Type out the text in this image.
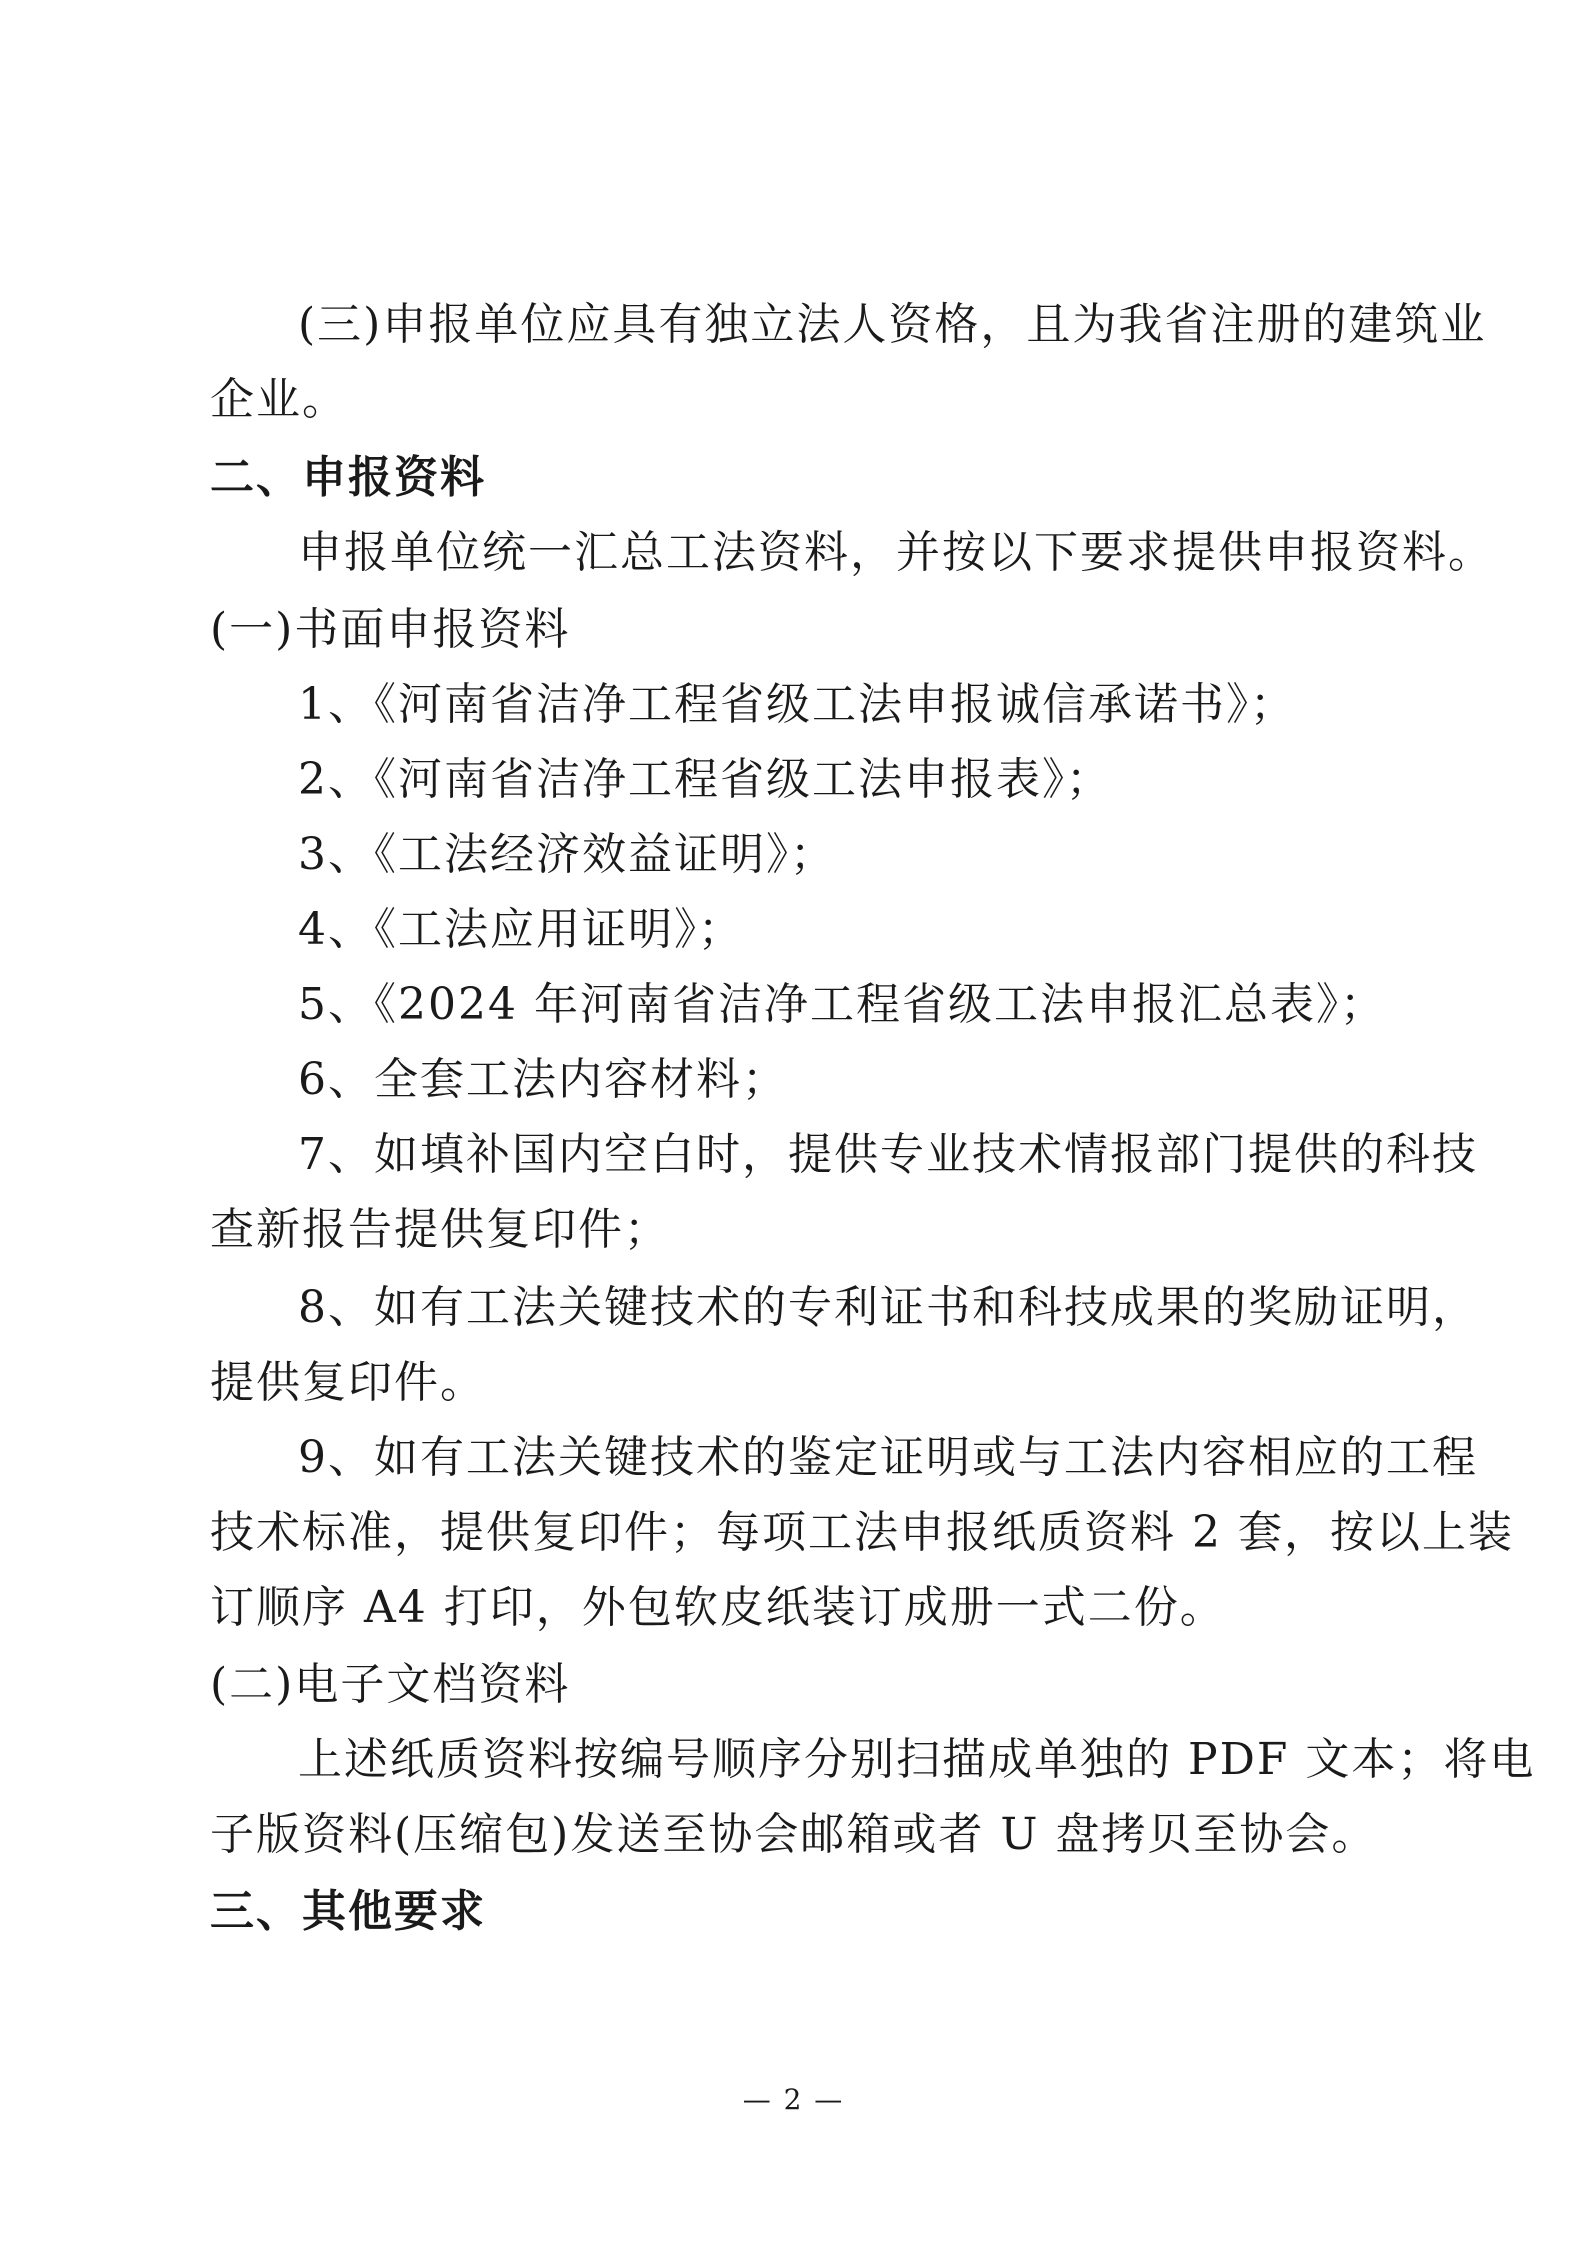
(三)申报单位应具有独立法人资格，且为我省注册的建筑业
企业。
二、申报资料
申报单位统一汇总工法资料，并按以下要求提供申报资料。
(一)书面申报资料
1、《河南省洁净工程省级工法申报诚信承诺书》；
2、《河南省洁净工程省级工法申报表》；
3、《工法经济效益证明》；
4、《工法应用证明》；
5、《2024 年河南省洁净工程省级工法申报汇总表》；
6、全套工法内容材料；
7、如填补国内空白时，提供专业技术情报部门提供的科技
查新报告提供复印件；
8、如有工法关键技术的专利证书和科技成果的奖励证明，
提供复印件。
9、如有工法关键技术的鉴定证明或与工法内容相应的工程
技术标准，提供复印件；每项工法申报纸质资料 2 套，按以上装
订顺序 A4 打印，外包软皮纸装订成册一式二份。
(二)电子文档资料
上述纸质资料按编号顺序分别扫描成单独的 PDF 文本；将电
子版资料(压缩包)发送至协会邮箱或者 U 盘拷贝至协会。
三、其他要求
— 2 —
